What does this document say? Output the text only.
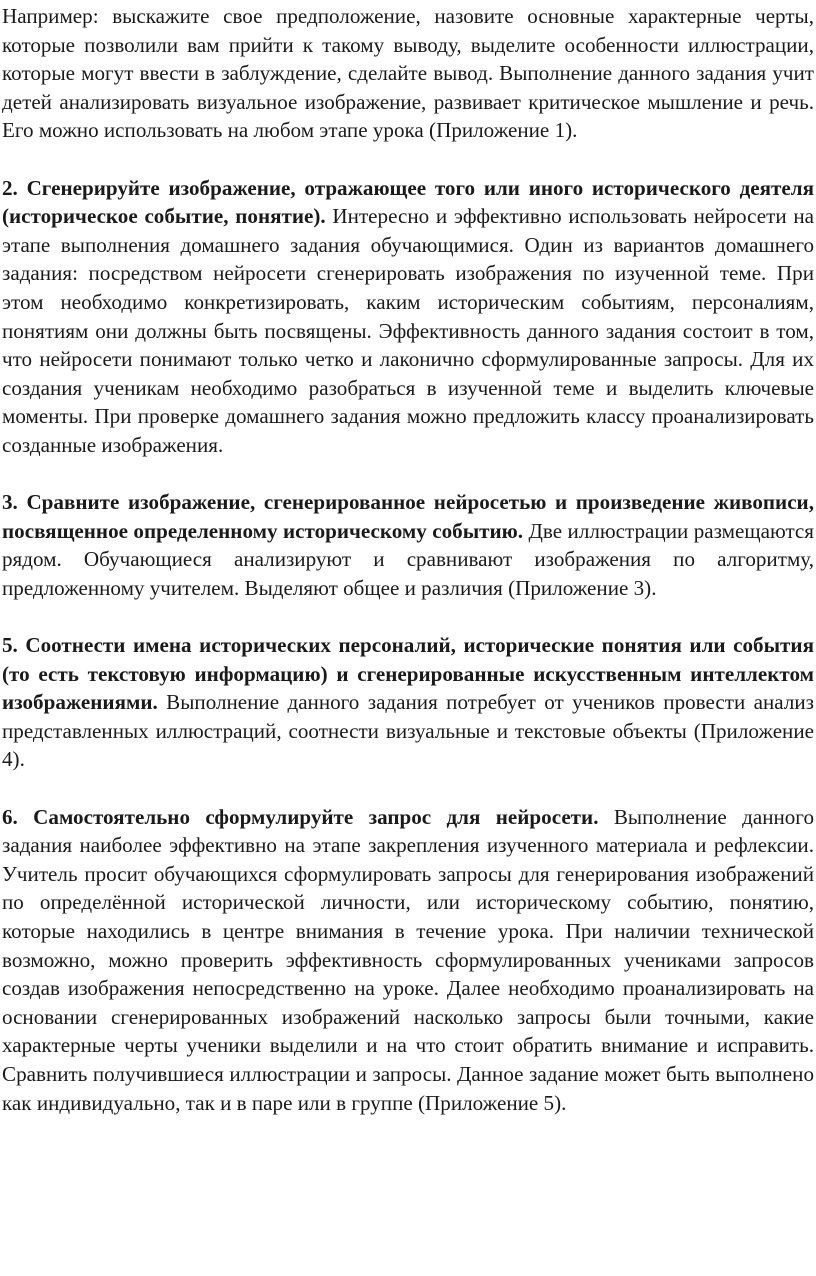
Например: выскажите свое предположение, назовите основные характерные черты, которые позволили вам прийти к такому выводу, выделите особенности иллюстрации, которые могут ввести в заблуждение, сделайте вывод. Выполнение данного задания учит детей анализировать визуальное изображение, развивает критическое мышление и речь. Его можно использовать на любом этапе урока (Приложение 1).

2. Сгенерируйте изображение, отражающее того или иного исторического деятеля (историческое событие, понятие). Интересно и эффективно использовать нейросети на этапе выполнения домашнего задания обучающимися. Один из вариантов домашнего задания: посредством нейросети сгенерировать изображения по изученной теме. При этом необходимо конкретизировать, каким историческим событиям, персоналиям, понятиям они должны быть посвящены. Эффективность данного задания состоит в том, что нейросети понимают только четко и лаконично сформулированные запросы. Для их создания ученикам необходимо разобраться в изученной теме и выделить ключевые моменты. При проверке домашнего задания можно предложить классу проанализировать созданные изображения.

3. Сравните изображение, сгенерированное нейросетью и произведение живописи, посвященное определенному историческому событию. Две иллюстрации размещаются рядом. Обучающиеся анализируют и сравнивают изображения по алгоритму, предложенному учителем. Выделяют общее и различия (Приложение 3).

5. Соотнести имена исторических персоналий, исторические понятия или события (то есть текстовую информацию) и сгенерированные искусственным интеллектом изображениями. Выполнение данного задания потребует от учеников провести анализ представленных иллюстраций, соотнести визуальные и текстовые объекты (Приложение 4).

6. Самостоятельно сформулируйте запрос для нейросети. Выполнение данного задания наиболее эффективно на этапе закрепления изученного материала и рефлексии. Учитель просит обучающихся сформулировать запросы для генерирования изображений по определённой исторической личности, или историческому событию, понятию, которые находились в центре внимания в течение урока. При наличии технической возможно, можно проверить эффективность сформулированных учениками запросов создав изображения непосредственно на уроке. Далее необходимо проанализировать на основании сгенерированных изображений насколько запросы были точными, какие характерные черты ученики выделили и на что стоит обратить внимание и исправить. Сравнить получившиеся иллюстрации и запросы. Данное задание может быть выполнено как индивидуально, так и в паре или в группе (Приложение 5).
